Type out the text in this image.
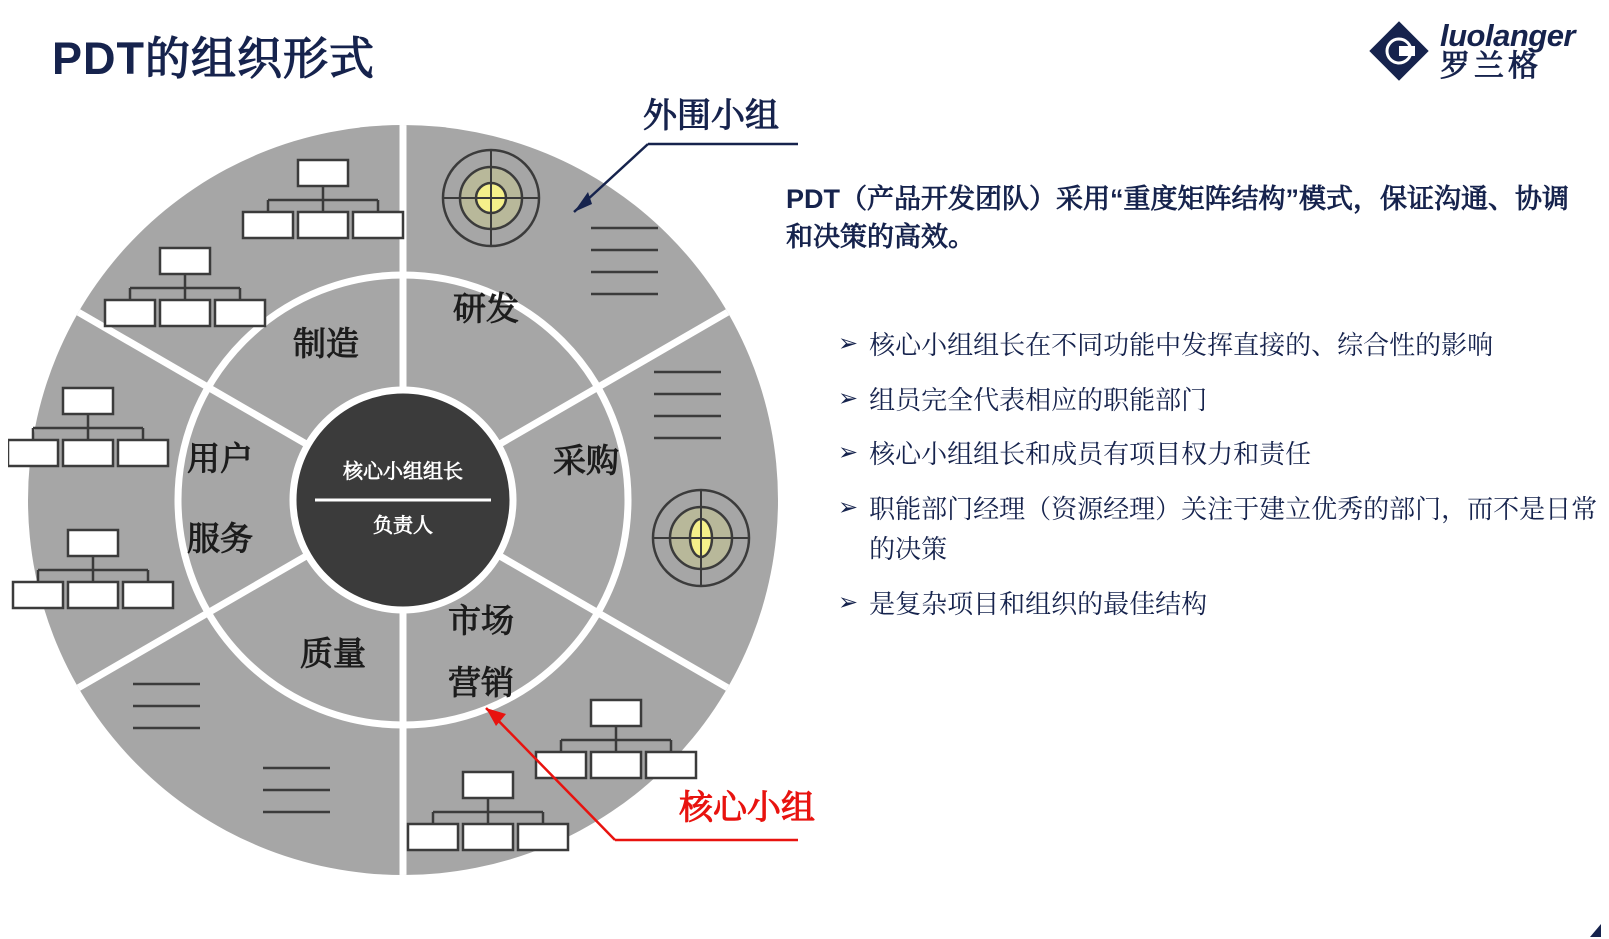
PDT的组织形式	luolanger
罗兰格
核心小组组长
负责人
研发
采购
市场
营销
质量
用户
服务
制造
外围小组
核心小组
PDT（产品开发团队）采用“重度矩阵结构”模式，保证沟通、协调和决策的高效。
➢ 核心小组组长在不同功能中发挥直接的、综合性的影响
➢ 组员完全代表相应的职能部门
➢ 核心小组组长和成员有项目权力和责任
➢ 职能部门经理（资源经理）关注于建立优秀的部门，而不是日常的决策
➢ 是复杂项目和组织的最佳结构
